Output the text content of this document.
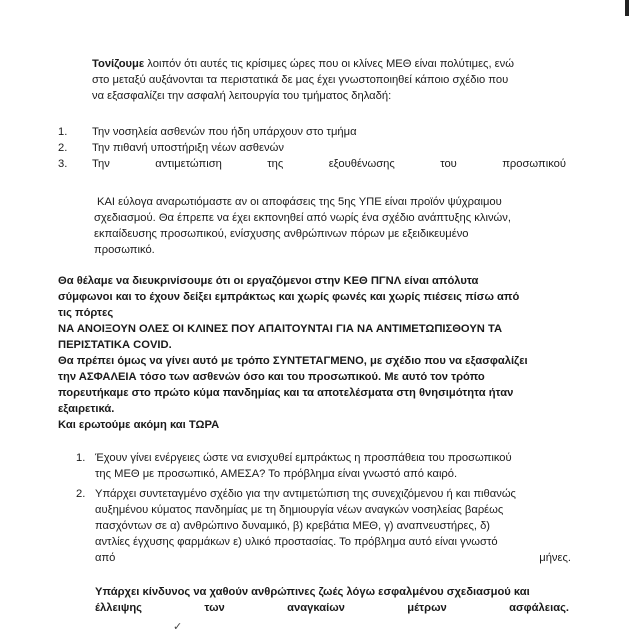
Τονίζουμε λοιπόν ότι αυτές τις κρίσιμες ώρες που οι κλίνες ΜΕΘ είναι πολύτιμες, ενώ
στο μεταξύ αυξάνονται τα περιστατικά δε μας έχει γνωστοποιηθεί κάποιο σχέδιο που
να εξασφαλίζει την ασφαλή λειτουργία του τμήματος δηλαδή:
1. Την νοσηλεία ασθενών που ήδη υπάρχουν στο τμήμα
2. Την πιθανή υποστήριξη νέων ασθενών
3. Την	αντιμετώπιση	της	εξουθένωσης	του	προσωπικού
ΚΑΙ εύλογα αναρωτιόμαστε αν οι αποφάσεις της 5ης ΥΠΕ είναι προϊόν ψύχραιμου
σχεδιασμού. Θα έπρεπε να έχει εκπονηθεί από νωρίς ένα σχέδιο ανάπτυξης κλινών,
εκπαίδευσης προσωπικού, ενίσχυσης ανθρώπινων πόρων με εξειδικευμένο
προσωπικό.
Θα θέλαμε να διευκρινίσουμε ότι οι εργαζόμενοι στην ΚΕΘ ΠΓΝΛ είναι απόλυτα
σύμφωνοι και το έχουν δείξει εμπράκτως και χωρίς φωνές και χωρίς πιέσεις πίσω από
τις πόρτες
ΝΑ ΑΝΟΙΞΟΥΝ ΟΛΕΣ ΟΙ ΚΛΙΝΕΣ ΠΟΥ ΑΠΑΙΤΟΥΝΤΑΙ ΓΙΑ ΝΑ ΑΝΤΙΜΕΤΩΠΙΣΘΟΥΝ ΤΑ
ΠΕΡΙΣΤΑΤΙΚΑ COVID.
Θα πρέπει όμως να γίνει αυτό με τρόπο ΣΥΝΤΕΤΑΓΜΕΝΟ, με σχέδιο που να εξασφαλίζει
την ΑΣΦΑΛΕΙΑ τόσο των ασθενών όσο και του προσωπικού. Με αυτό τον τρόπο
πορευτήκαμε στο πρώτο κύμα πανδημίας και τα αποτελέσματα στη θνησιμότητα ήταν
εξαιρετικά.
Και ερωτούμε ακόμη και ΤΩΡΑ
1. Έχουν γίνει ενέργειες ώστε να ενισχυθεί εμπράκτως η προσπάθεια του προσωπικού
της ΜΕΘ με προσωπικό, ΑΜΕΣΑ? Το πρόβλημα είναι γνωστό από καιρό.
2. Υπάρχει συντεταγμένο σχέδιο για την αντιμετώπιση της συνεχιζόμενου ή και πιθανώς
αυξημένου κύματος πανδημίας με τη δημιουργία νέων αναγκών νοσηλείας βαρέως
πασχόντων σε α) ανθρώπινο δυναμικό, β) κρεβάτια ΜΕΘ, γ) αναπνευστήρες, δ)
αντλίες έγχυσης φαρμάκων ε) υλικό προστασίας. Το πρόβλημα αυτό είναι γνωστό
από	μήνες.
Υπάρχει κίνδυνος να χαθούν ανθρώπινες ζωές λόγω εσφαλμένου σχεδιασμού και
έλλειψης	των	αναγκαίων	μέτρων	ασφάλειας.
✓
